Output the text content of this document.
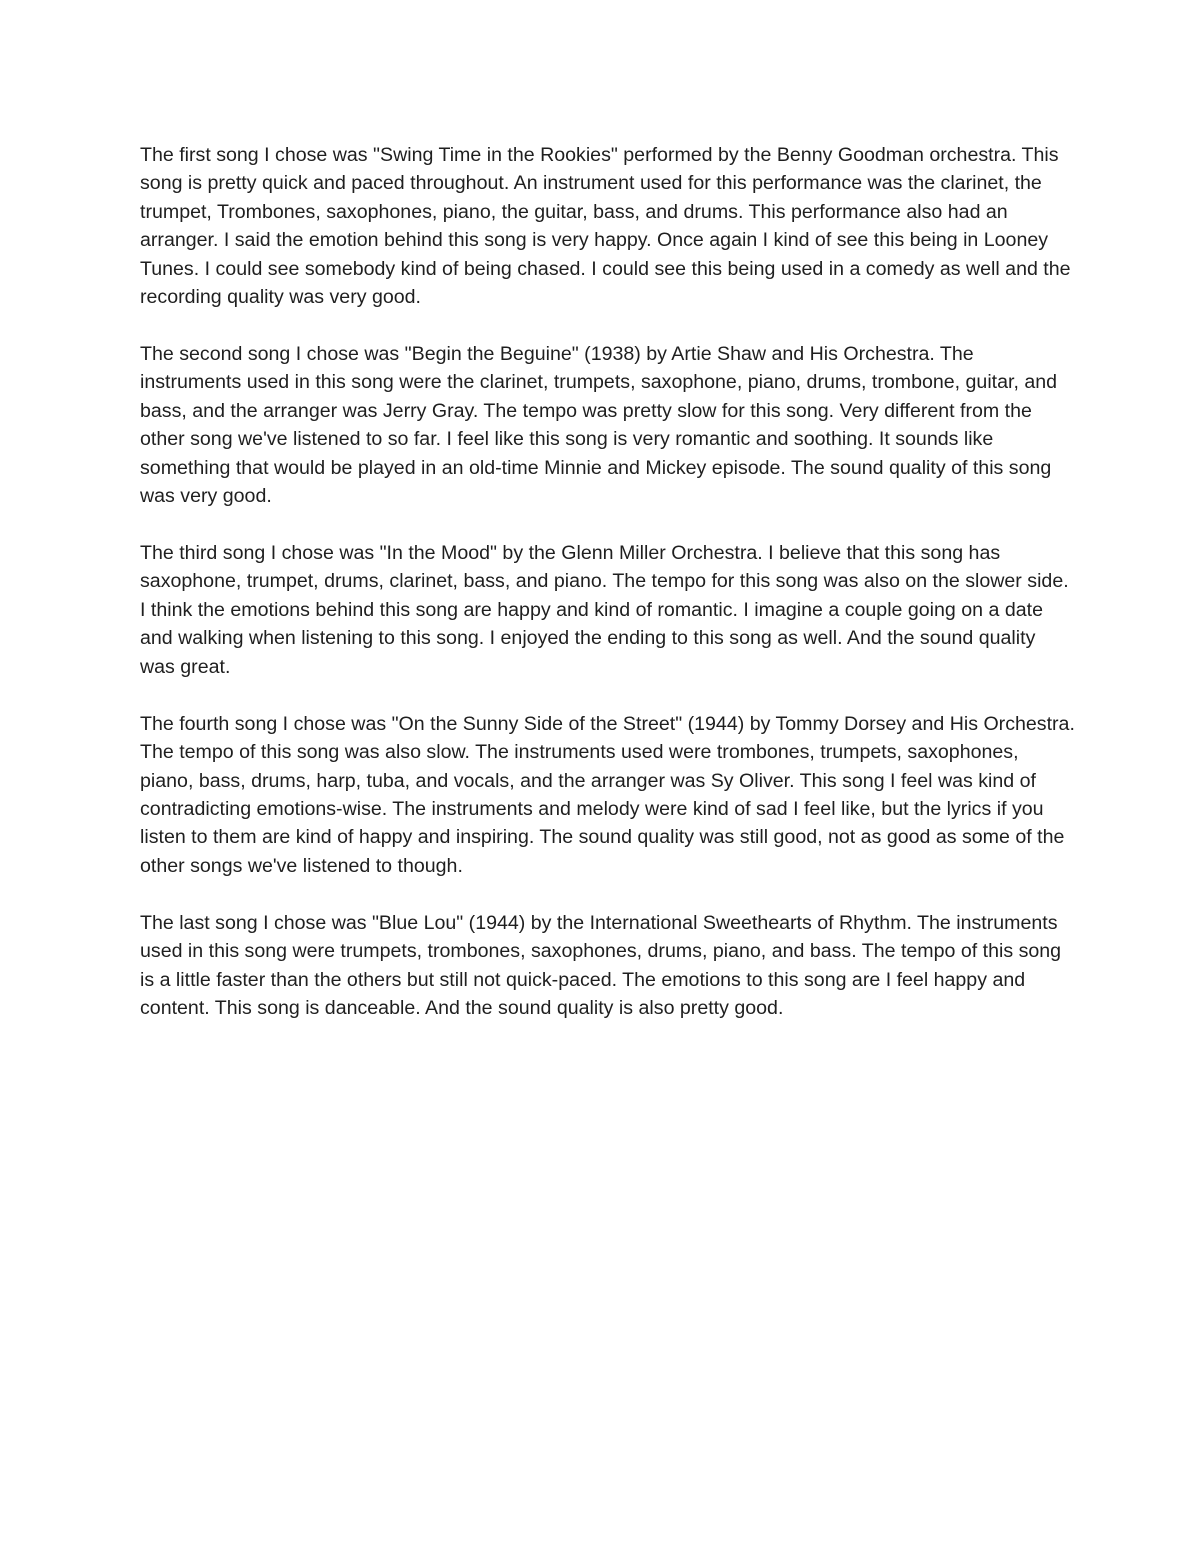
The first song I chose was "Swing Time in the Rookies" performed by the Benny Goodman orchestra. This song is pretty quick and paced throughout. An instrument used for this performance was the clarinet, the trumpet, Trombones, saxophones, piano, the guitar, bass, and drums. This performance also had an arranger. I said the emotion behind this song is very happy. Once again I kind of see this being in Looney Tunes. I could see somebody kind of being chased. I could see this being used in a comedy as well and the recording quality was very good.

The second song I chose was "Begin the Beguine" (1938) by Artie Shaw and His Orchestra. The instruments used in this song were the clarinet, trumpets, saxophone, piano, drums, trombone, guitar, and bass, and the arranger was Jerry Gray. The tempo was pretty slow for this song. Very different from the other song we've listened to so far. I feel like this song is very romantic and soothing. It sounds like something that would be played in an old-time Minnie and Mickey episode. The sound quality of this song was very good.

The third song I chose was "In the Mood" by the Glenn Miller Orchestra. I believe that this song has saxophone, trumpet, drums, clarinet, bass, and piano. The tempo for this song was also on the slower side. I think the emotions behind this song are happy and kind of romantic. I imagine a couple going on a date and walking when listening to this song. I enjoyed the ending to this song as well. And the sound quality was great.

The fourth song I chose was "On the Sunny Side of the Street" (1944) by Tommy Dorsey and His Orchestra. The tempo of this song was also slow. The instruments used were trombones, trumpets, saxophones, piano, bass, drums, harp, tuba, and vocals, and the arranger was Sy Oliver. This song I feel was kind of contradicting emotions-wise. The instruments and melody were kind of sad I feel like, but the lyrics if you listen to them are kind of happy and inspiring. The sound quality was still good, not as good as some of the other songs we've listened to though.

The last song I chose was "Blue Lou" (1944) by the International Sweethearts of Rhythm. The instruments used in this song were trumpets, trombones, saxophones, drums, piano, and bass. The tempo of this song is a little faster than the others but still not quick-paced. The emotions to this song are I feel happy and content. This song is danceable. And the sound quality is also pretty good.
